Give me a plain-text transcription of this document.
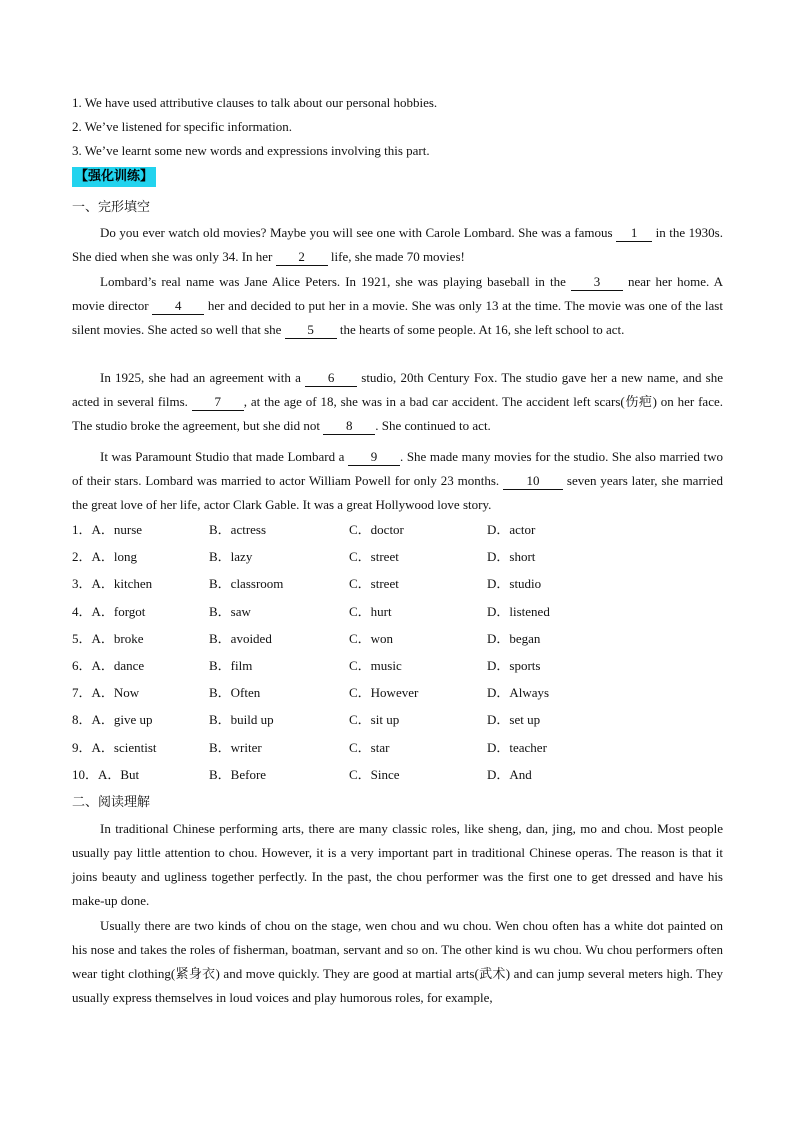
1. We have used attributive clauses to talk about our personal hobbies.
2. We’ve listened for specific information.
3. We’ve learnt some new words and expressions involving this part.
【强化训练】
一、完形填空
Do you ever watch old movies? Maybe you will see one with Carole Lombard. She was a famous 1 in the 1930s. She died when she was only 34. In her 2 life, she made 70 movies!
Lombard’s real name was Jane Alice Peters. In 1921, she was playing baseball in the 3 near her home. A movie director 4 her and decided to put her in a movie. She was only 13 at the time. The movie was one of the last silent movies. She acted so well that she 5 the hearts of some people. At 16, she left school to act.
In 1925, she had an agreement with a 6 studio, 20th Century Fox. The studio gave her a new name, and she acted in several films. 7 , at the age of 18, she was in a bad car accident. The accident left scars(伤疤) on her face. The studio broke the agreement, but she did not 8 . She continued to act.
It was Paramount Studio that made Lombard a 9 . She made many movies for the studio. She also married two of their stars. Lombard was married to actor William Powell for only 23 months. 10 seven years later, she married the great love of her life, actor Clark Gable. It was a great Hollywood love story.
1．A．nurse	B．actress	C．doctor	D．actor
2．A．long	B．lazy	C．street	D．short
3．A．kitchen	B．classroom	C．street	D．studio
4．A．forgot	B．saw	C．hurt	D．listened
5．A．broke	B．avoided	C．won	D．began
6．A．dance	B．film	C．music	D．sports
7．A．Now	B．Often	C．However	D．Always
8．A．give up	B．build up	C．sit up	D．set up
9．A．scientist	B．writer	C．star	D．teacher
10．A．But	B．Before	C．Since	D．And
二、阅读理解
In traditional Chinese performing arts, there are many classic roles, like sheng, dan, jing, mo and chou. Most people usually pay little attention to chou. However, it is a very important part in traditional Chinese operas. The reason is that it joins beauty and ugliness together perfectly. In the past, the chou performer was the first one to get dressed and have his make-up done.
Usually there are two kinds of chou on the stage, wen chou and wu chou. Wen chou often has a white dot painted on his nose and takes the roles of fisherman, boatman, servant and so on. The other kind is wu chou. Wu chou performers often wear tight clothing(紧身衣) and move quickly. They are good at martial arts(武术) and can jump several meters high. They usually express themselves in loud voices and play humorous roles, for example,
